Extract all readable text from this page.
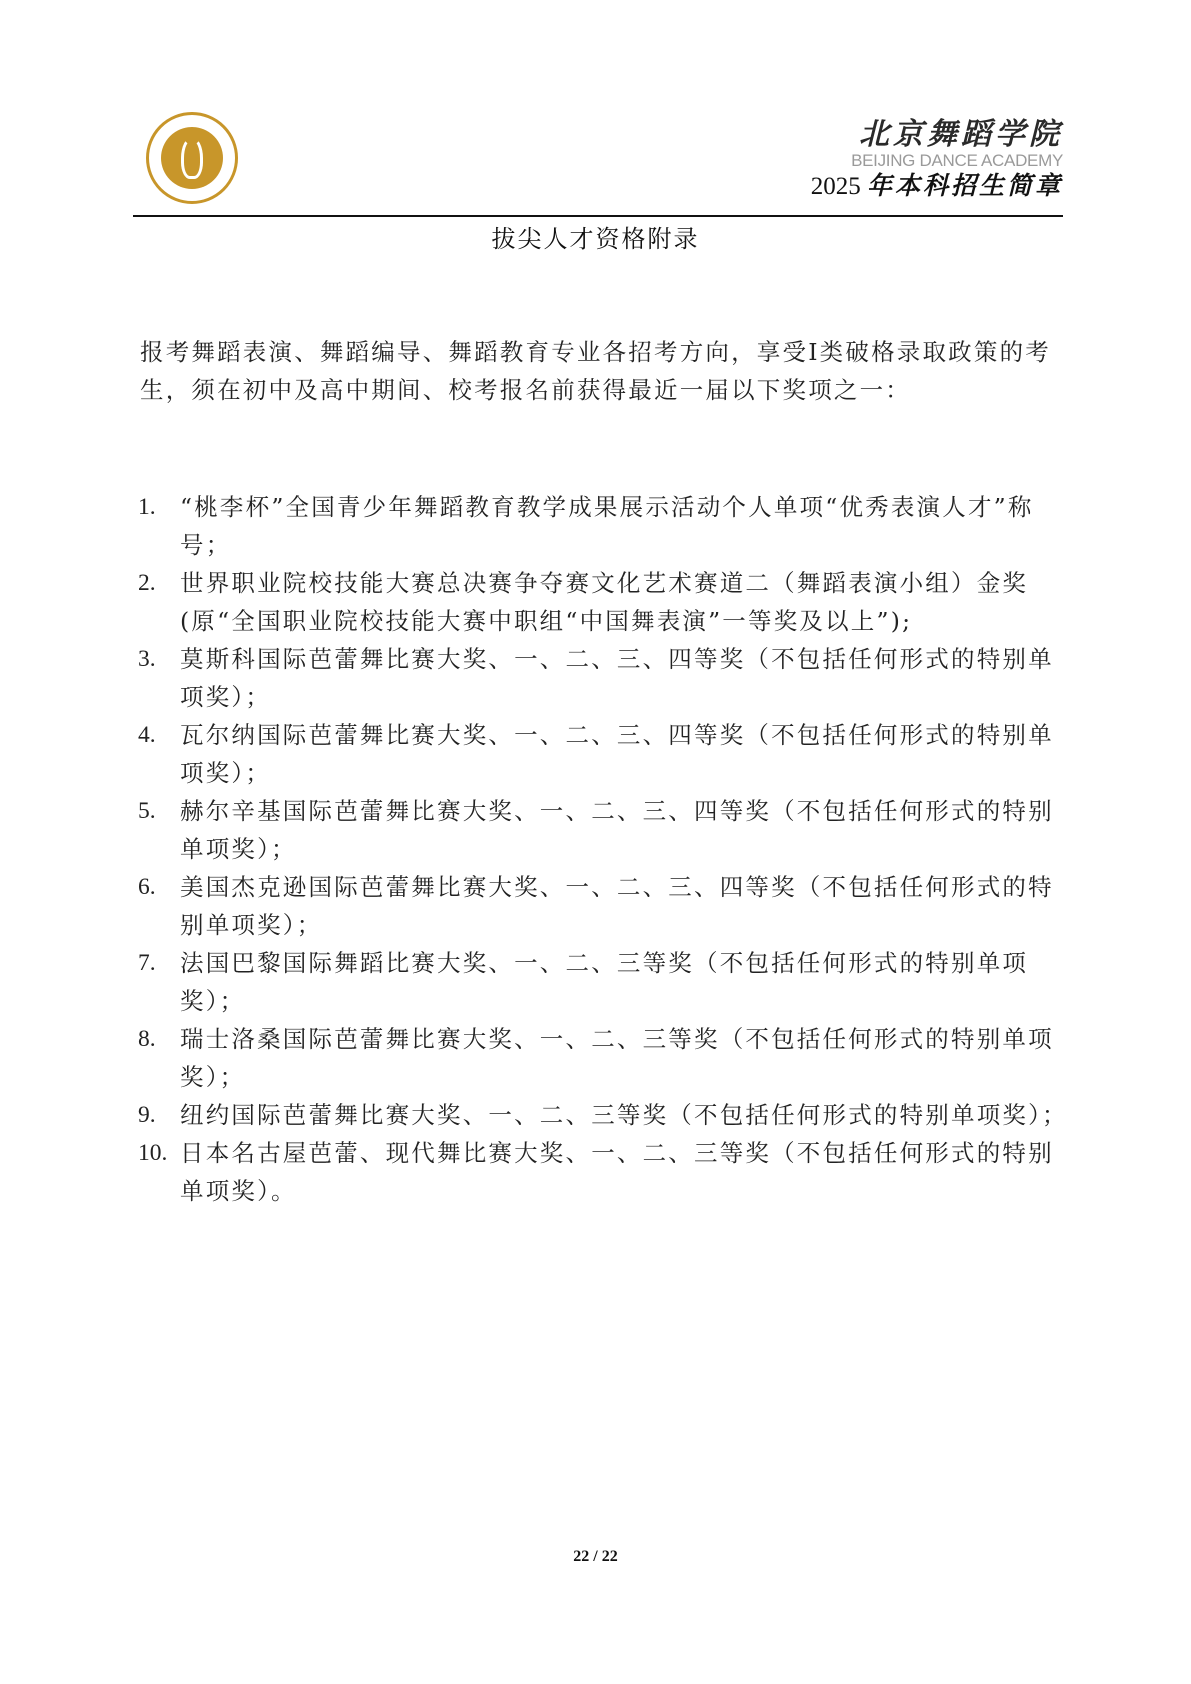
北京舞蹈学院
BEIJING DANCE ACADEMY
2025 年本科招生简章
拔尖人才资格附录
报考舞蹈表演、舞蹈编导、舞蹈教育专业各招考方向，享受Ⅰ类破格录取政策的考生，须在初中及高中期间、校考报名前获得最近一届以下奖项之一：
1. “桃李杯”全国青少年舞蹈教育教学成果展示活动个人单项“优秀表演人才”称号；
2. 世界职业院校技能大赛总决赛争夺赛文化艺术赛道二（舞蹈表演小组）金奖(原“全国职业院校技能大赛中职组“中国舞表演”一等奖及以上”);
3. 莫斯科国际芭蕾舞比赛大奖、一、二、三、四等奖（不包括任何形式的特别单项奖）；
4. 瓦尔纳国际芭蕾舞比赛大奖、一、二、三、四等奖（不包括任何形式的特别单项奖）；
5. 赫尔辛基国际芭蕾舞比赛大奖、一、二、三、四等奖（不包括任何形式的特别单项奖）；
6. 美国杰克逊国际芭蕾舞比赛大奖、一、二、三、四等奖（不包括任何形式的特别单项奖）；
7. 法国巴黎国际舞蹈比赛大奖、一、二、三等奖（不包括任何形式的特别单项奖）；
8. 瑞士洛桑国际芭蕾舞比赛大奖、一、二、三等奖（不包括任何形式的特别单项奖）；
9. 纽约国际芭蕾舞比赛大奖、一、二、三等奖（不包括任何形式的特别单项奖）；
10. 日本名古屋芭蕾、现代舞比赛大奖、一、二、三等奖（不包括任何形式的特别单项奖）。
22 / 22
